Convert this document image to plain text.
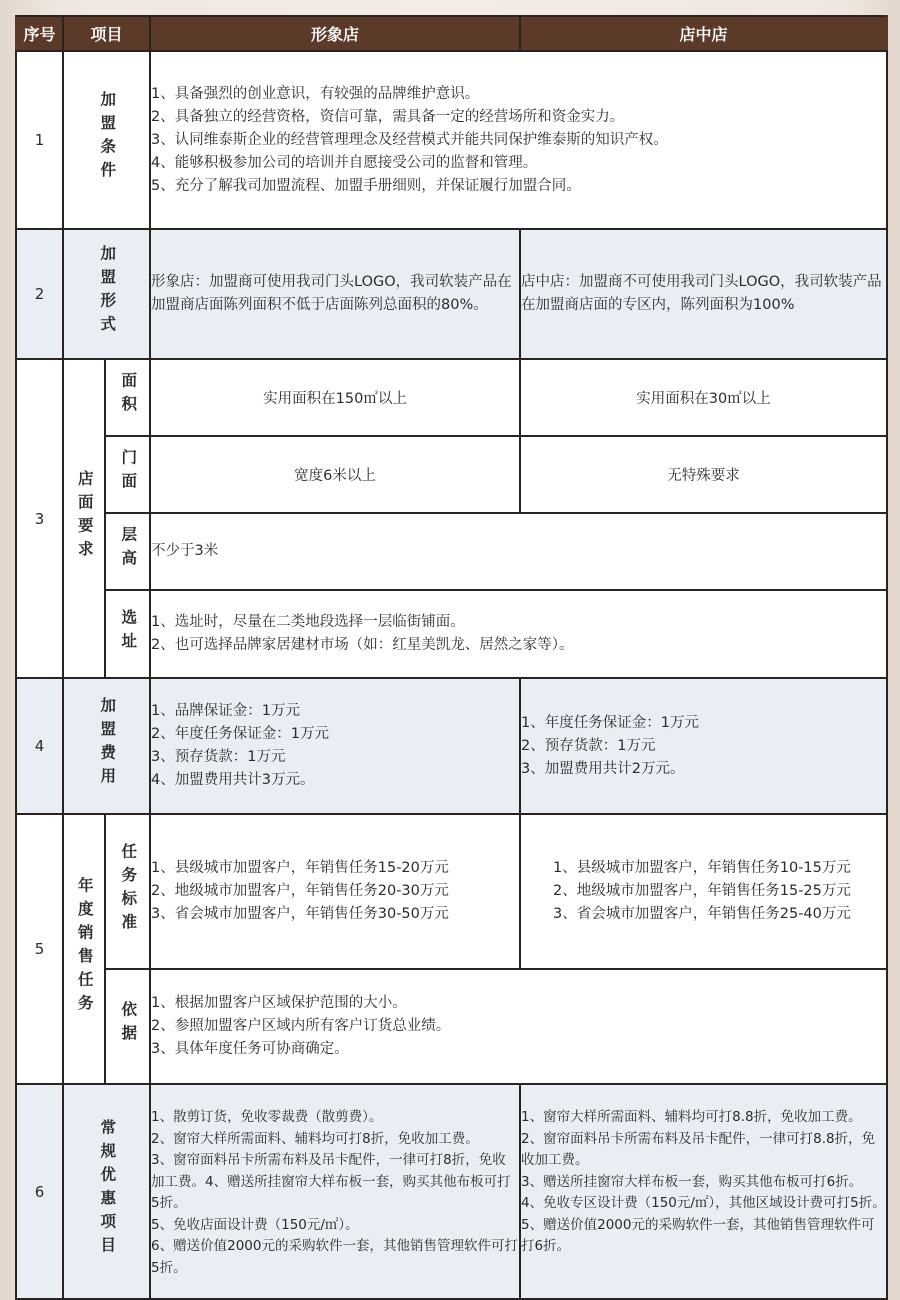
序号	项目		形象店	店中店
1	加盟条件		1、具备强烈的创业意识，有较强的品牌维护意识。
2、具备独立的经营资格，资信可靠，需具备一定的经营场所和资金实力。
3、认同维泰斯企业的经营管理理念及经营模式并能共同保护维泰斯的知识产权。
4、能够积极参加公司的培训并自愿接受公司的监督和管理。
5、充分了解我司加盟流程、加盟手册细则，并保证履行加盟合同。	

2	加盟形式		形象店：加盟商可使用我司门头LOGO，我司软装产品在加盟商店面陈列面积不低于店面陈列总面积的80%。	店中店：加盟商不可使用我司门头LOGO，我司软装产品在加盟商店面的专区内，陈列面积为100%
3	店面要求	面积	实用面积在150㎡以上	实用面积在30㎡以上
		门面	宽度6米以上	无特殊要求
		层高	不少于3米	
		选址	1、选址时，尽量在二类地段选择一层临街铺面。
2、也可选择品牌家居建材市场（如：红星美凯龙、居然之家等）。	

4	加盟费用		1、品牌保证金：1万元
2、年度任务保证金：1万元
3、预存货款：1万元
4、加盟费用共计3万元。	1、年度任务保证金：1万元
2、预存货款：1万元
3、加盟费用共计2万元。

5	年度销售任务	任务标准	1、县级城市加盟客户，年销售任务15-20万元
2、地级城市加盟客户，年销售任务20-30万元
3、省会城市加盟客户，年销售任务30-50万元	1、县级城市加盟客户，年销售任务10-15万元
2、地级城市加盟客户，年销售任务15-25万元
3、省会城市加盟客户，年销售任务25-40万元

		依据	1、根据加盟客户区域保护范围的大小。
2、参照加盟客户区域内所有客户订货总业绩。
3、具体年度任务可协商确定。	

6	常规优惠项目		1、散剪订货，免收零裁费（散剪费）。
2、窗帘大样所需面料、辅料均可打8折，免收加工费。
3、窗帘面料吊卡所需布料及吊卡配件，一律可打8折，免收加工费。4、赠送所挂窗帘大样布板一套，购买其他布板可打5折。
5、免收店面设计费（150元/㎡）。
6、赠送价值2000元的采购软件一套，其他销售管理软件可打5折。	1、窗帘大样所需面料、辅料均可打8.8折，免收加工费。
2、窗帘面料吊卡所需布料及吊卡配件，一律可打8.8折，免收加工费。
3、赠送所挂窗帘大样布板一套，购买其他布板可打6折。
4、免收专区设计费（150元/㎡），其他区域设计费可打5折。
5、赠送价值2000元的采购软件一套，其他销售管理软件可打6折。
